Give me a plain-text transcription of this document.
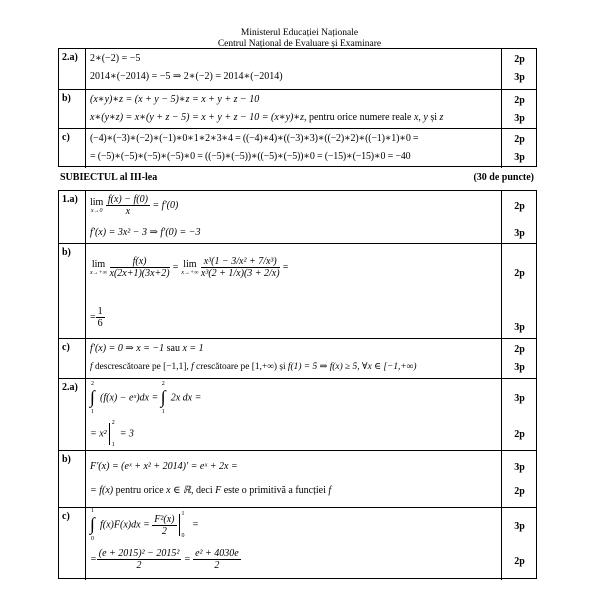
Ministerul Educației Naționale
Centrul Național de Evaluare și Examinare
2.a)	2∗(−2) = −5
2014∗(−2014) = −5 ⇒ 2∗(−2) = 2014∗(−2014)
2p
3p
b)	(x∗y)∗z = (x + y − 5)∗z = x + y + z − 10
x∗(y∗z) = x∗(y + z − 5) = x + y + z − 10 = (x∗y)∗z, pentru orice numere reale x, y și z
2p
3p
c)	(−4)∗(−3)∗(−2)∗(−1)∗0∗1∗2∗3∗4 = ((−4)∗4)∗((−3)∗3)∗((−2)∗2)∗((−1)∗1)∗0 =
= (−5)∗(−5)∗(−5)∗(−5)∗0 = ((−5)∗(−5))∗((−5)∗(−5))∗0 = (−15)∗(−15)∗0 = −40
2p
3p
SUBIECTUL al III-lea	(30 de puncte)
1.a)	lim
x→0
$\frac{f(x) - f(0)}{x} = f'(0)$
f′(x) = 3x² − 3 ⇒ f′(0) = −3
2p
3p
b)
lim
x→+∞
$\frac{f(x)}{x(2x+1)(3x+2)} = \lim$
x→+∞
$\frac{\text{x³(1 − 3/x² + 7/x³)}}{\text{x³(2 + 1/x)(3 + 2/x)}}$ =
= $\frac{1}{6}$
2p
3p
c)	f′(x) = 0 ⇒ x = −1 sau x = 1
f descrescătoare pe [−1,1], f crescătoare pe [1,+∞) și f(1) = 5 ⇒ f(x) ≥ 5, ∀x ∈ [−1,+∞)
2p
3p
2.a) ∫
2
1
(f(x) − eˣ)dx = ∫
2
1
2x dx =
= x²
2
1
= 3
3p
2p
b)
F′(x) = (eˣ + x² + 2014)′ = eˣ + 2x =
= f(x) pentru orice x ∈ ℝ, deci F este o primitivă a funcției f
3p
2p
c)	∫
1
0
$f(x)F(x)dx = \frac{\text{F²(x)}}{2} 1$
0
=
= $\frac{\text{(e + 2015)² − 2015²}}{2} = \frac{\text{e² + 4030e}}{2}$
3p
2p
